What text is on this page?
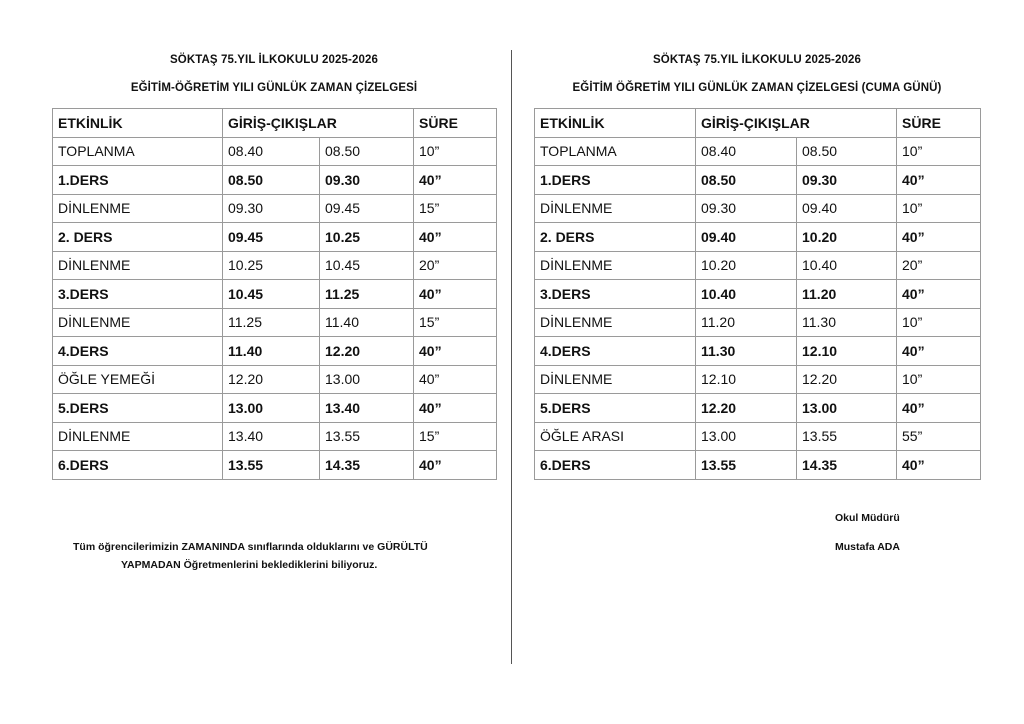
SÖKTAŞ 75.YIL İLKOKULU 2025-2026
EĞİTİM-ÖĞRETİM YILI GÜNLÜK ZAMAN ÇİZELGESİ
ETKİNLİK	GİRİŞ-ÇIKIŞLAR		SÜRE
TOPLANMA	08.40	08.50	10”
1.DERS	08.50	09.30	40”
DİNLENME	09.30	09.45	15”
2. DERS	09.45	10.25	40”
DİNLENME	10.25	10.45	20”
3.DERS	10.45	11.25	40”
DİNLENME	11.25	11.40	15”
4.DERS	11.40	12.20	40”
ÖĞLE YEMEĞİ	12.20	13.00	40”
5.DERS	13.00	13.40	40”
DİNLENME	13.40	13.55	15”
6.DERS	13.55	14.35	40”
SÖKTAŞ 75.YIL İLKOKULU 2025-2026
EĞİTİM ÖĞRETİM YILI GÜNLÜK ZAMAN ÇİZELGESİ (CUMA GÜNÜ)
ETKİNLİK	GİRİŞ-ÇIKIŞLAR		SÜRE
TOPLANMA	08.40	08.50	10”
1.DERS	08.50	09.30	40”
DİNLENME	09.30	09.40	10”
2. DERS	09.40	10.20	40”
DİNLENME	10.20	10.40	20”
3.DERS	10.40	11.20	40”
DİNLENME	11.20	11.30	10”
4.DERS	11.30	12.10	40”
DİNLENME	12.10	12.20	10”
5.DERS	12.20	13.00	40”
ÖĞLE ARASI	13.00	13.55	55”
6.DERS	13.55	14.35	40”
Tüm öğrencilerimizin ZAMANINDA sınıflarında olduklarını ve GÜRÜLTÜ
YAPMADAN Öğretmenlerini beklediklerini biliyoruz.
Okul Müdürü
Mustafa ADA
